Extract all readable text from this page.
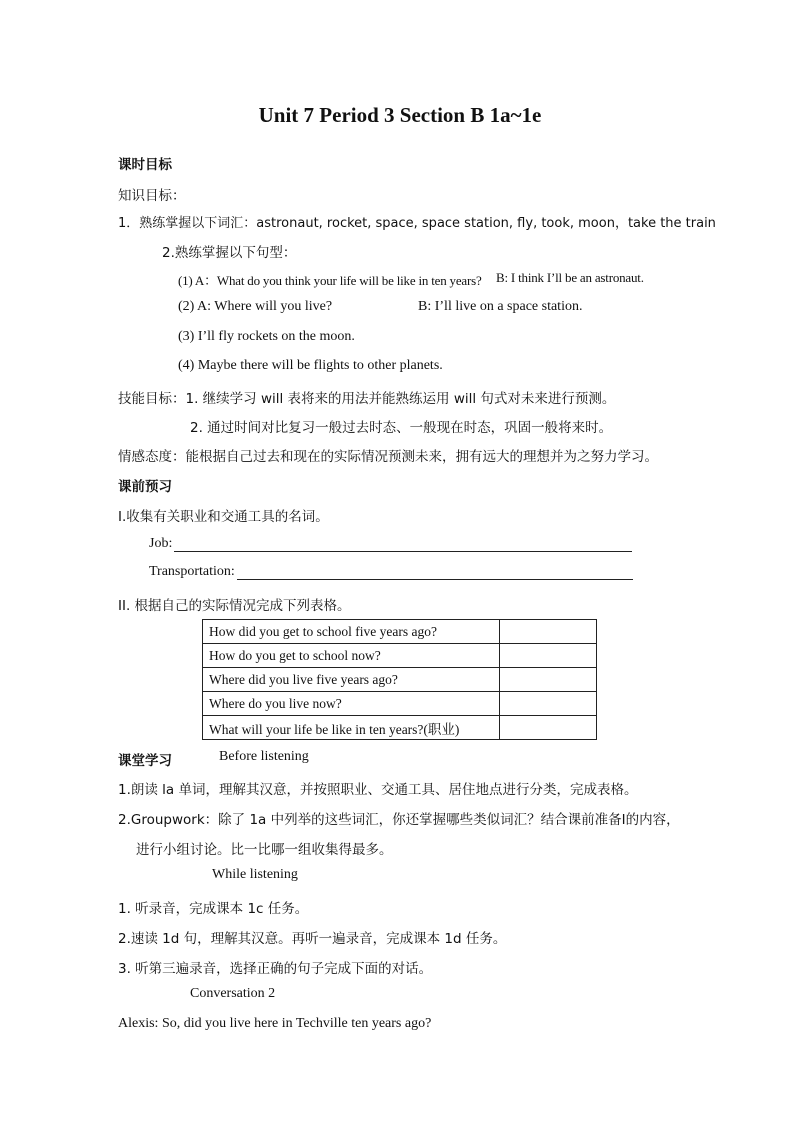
Unit 7 Period 3 Section B 1a~1e
课时目标
知识目标：
1．熟练掌握以下词汇：astronaut, rocket, space, space station, fly, took, moon，take the train
2.熟练掌握以下句型：
(1) A：What do you think your life will be like in ten years? B: I think I’ll be an astronaut.
(2) A: Where will you live?	B: I’ll live on a space station.
(3) I’ll fly rockets on the moon.
(4) Maybe there will be flights to other planets.
技能目标：1. 继续学习 will 表将来的用法并能熟练运用 will 句式对未来进行预测。
2. 通过时间对比复习一般过去时态、一般现在时态，巩固一般将来时。
情感态度：能根据自己过去和现在的实际情况预测未来，拥有远大的理想并为之努力学习。
课前预习
I.收集有关职业和交通工具的名词。
Job:
Transportation:
II. 根据自己的实际情况完成下列表格。
How did you get to school five years ago?	
How do you get to school now?	
Where did you live five years ago?	
Where do you live now?	
What will your life be like in ten years?(职业)	
课堂学习	Before listening
1.朗读 la 单词，理解其汉意，并按照职业、交通工具、居住地点进行分类，完成表格。
2.Groupwork：除了 1a 中列举的这些词汇，你还掌握哪些类似词汇？结合课前准备Ⅰ的内容，
进行小组讨论。比一比哪一组收集得最多。
While listening
1. 听录音，完成课本 1c 任务。
2.速读 1d 句，理解其汉意。再听一遍录音，完成课本 1d 任务。
3. 听第三遍录音，选择正确的句子完成下面的对话。
Conversation 2
Alexis: So, did you live here in Techville ten years ago?
